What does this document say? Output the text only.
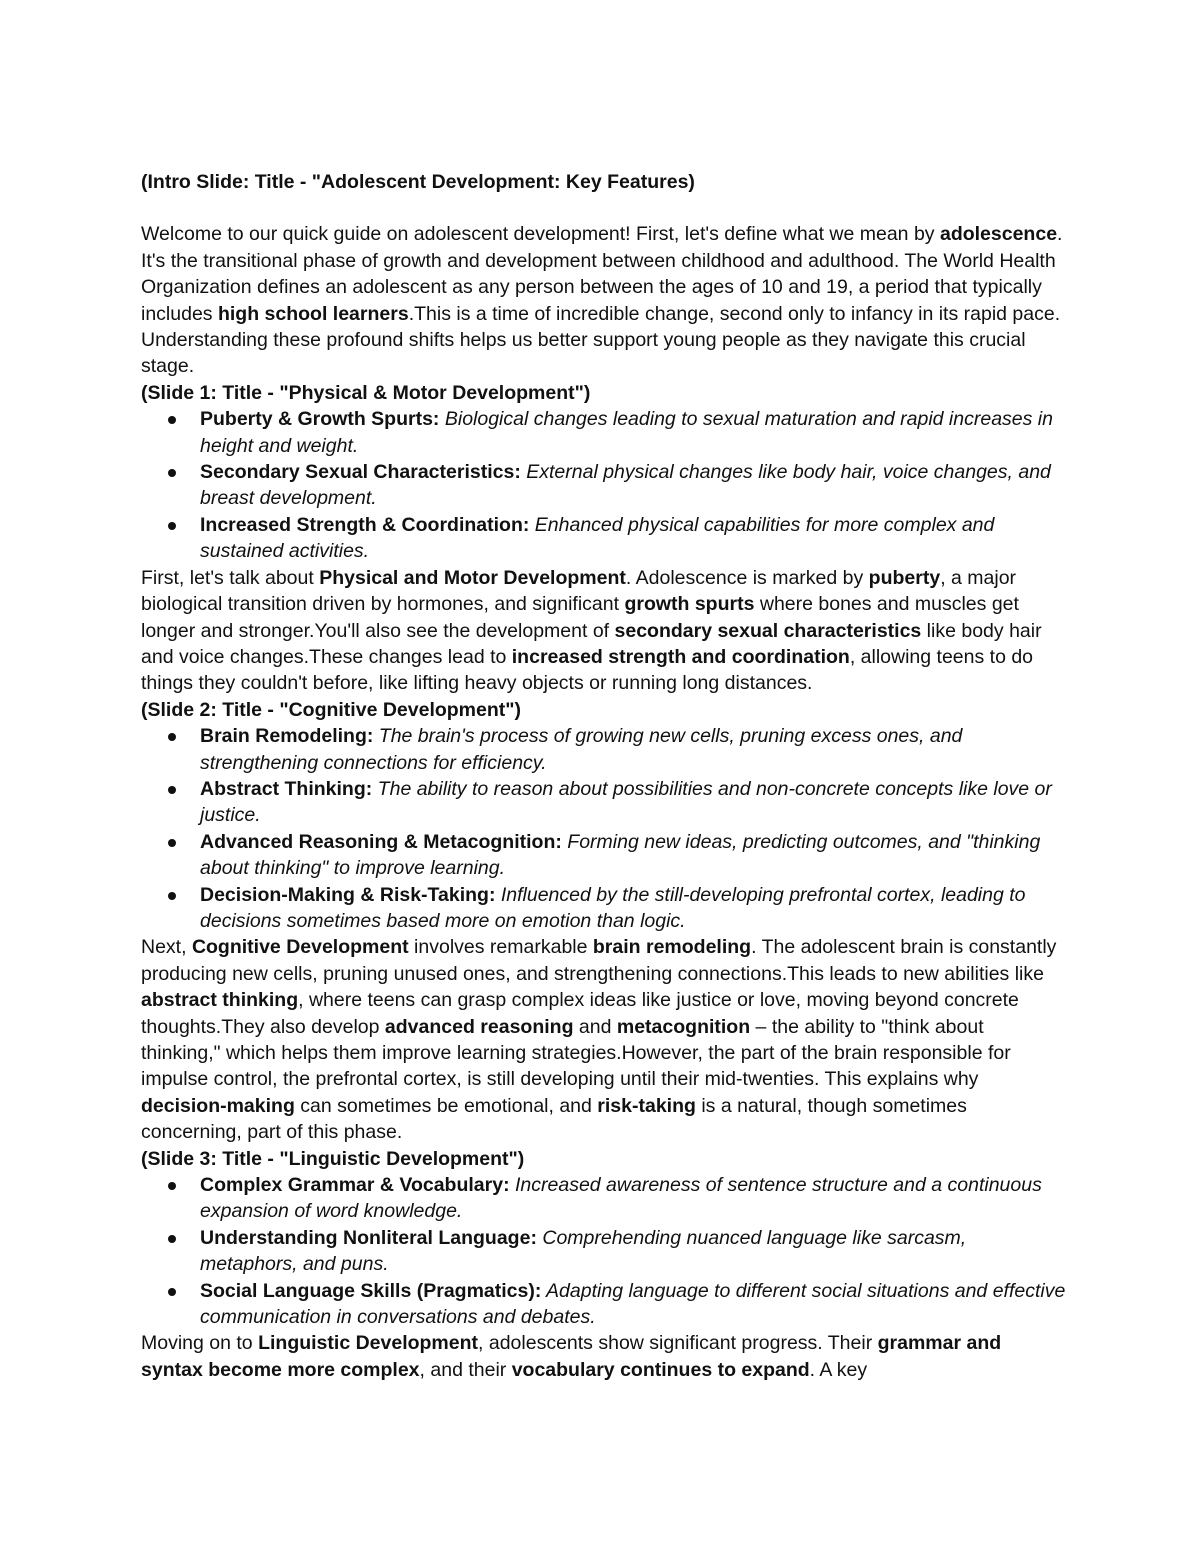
(Intro Slide: Title - "Adolescent Development: Key Features)

Welcome to our quick guide on adolescent development! First, let's define what we mean by adolescence. It's the transitional phase of growth and development between childhood and adulthood. The World Health Organization defines an adolescent as any person between the ages of 10 and 19, a period that typically includes high school learners.This is a time of incredible change, second only to infancy in its rapid pace. Understanding these profound shifts helps us better support young people as they navigate this crucial stage.

(Slide 1: Title - "Physical & Motor Development")

Puberty & Growth Spurts: Biological changes leading to sexual maturation and rapid increases in height and weight.
Secondary Sexual Characteristics: External physical changes like body hair, voice changes, and breast development.
Increased Strength & Coordination: Enhanced physical capabilities for more complex and sustained activities.

First, let's talk about Physical and Motor Development. Adolescence is marked by puberty, a major biological transition driven by hormones, and significant growth spurts where bones and muscles get longer and stronger.You'll also see the development of secondary sexual characteristics like body hair and voice changes.These changes lead to increased strength and coordination, allowing teens to do things they couldn't before, like lifting heavy objects or running long distances.

(Slide 2: Title - "Cognitive Development")

Brain Remodeling: The brain's process of growing new cells, pruning excess ones, and strengthening connections for efficiency.
Abstract Thinking: The ability to reason about possibilities and non-concrete concepts like love or justice.
Advanced Reasoning & Metacognition: Forming new ideas, predicting outcomes, and "thinking about thinking" to improve learning.
Decision-Making & Risk-Taking: Influenced by the still-developing prefrontal cortex, leading to decisions sometimes based more on emotion than logic.

Next, Cognitive Development involves remarkable brain remodeling. The adolescent brain is constantly producing new cells, pruning unused ones, and strengthening connections.This leads to new abilities like abstract thinking, where teens can grasp complex ideas like justice or love, moving beyond concrete thoughts.They also develop advanced reasoning and metacognition – the ability to "think about thinking," which helps them improve learning strategies.However, the part of the brain responsible for impulse control, the prefrontal cortex, is still developing until their mid-twenties. This explains why decision-making can sometimes be emotional, and risk-taking is a natural, though sometimes concerning, part of this phase.

(Slide 3: Title - "Linguistic Development")

Complex Grammar & Vocabulary: Increased awareness of sentence structure and a continuous expansion of word knowledge.
Understanding Nonliteral Language: Comprehending nuanced language like sarcasm, metaphors, and puns.
Social Language Skills (Pragmatics): Adapting language to different social situations and effective communication in conversations and debates.

Moving on to Linguistic Development, adolescents show significant progress. Their grammar and syntax become more complex, and their vocabulary continues to expand. A key
